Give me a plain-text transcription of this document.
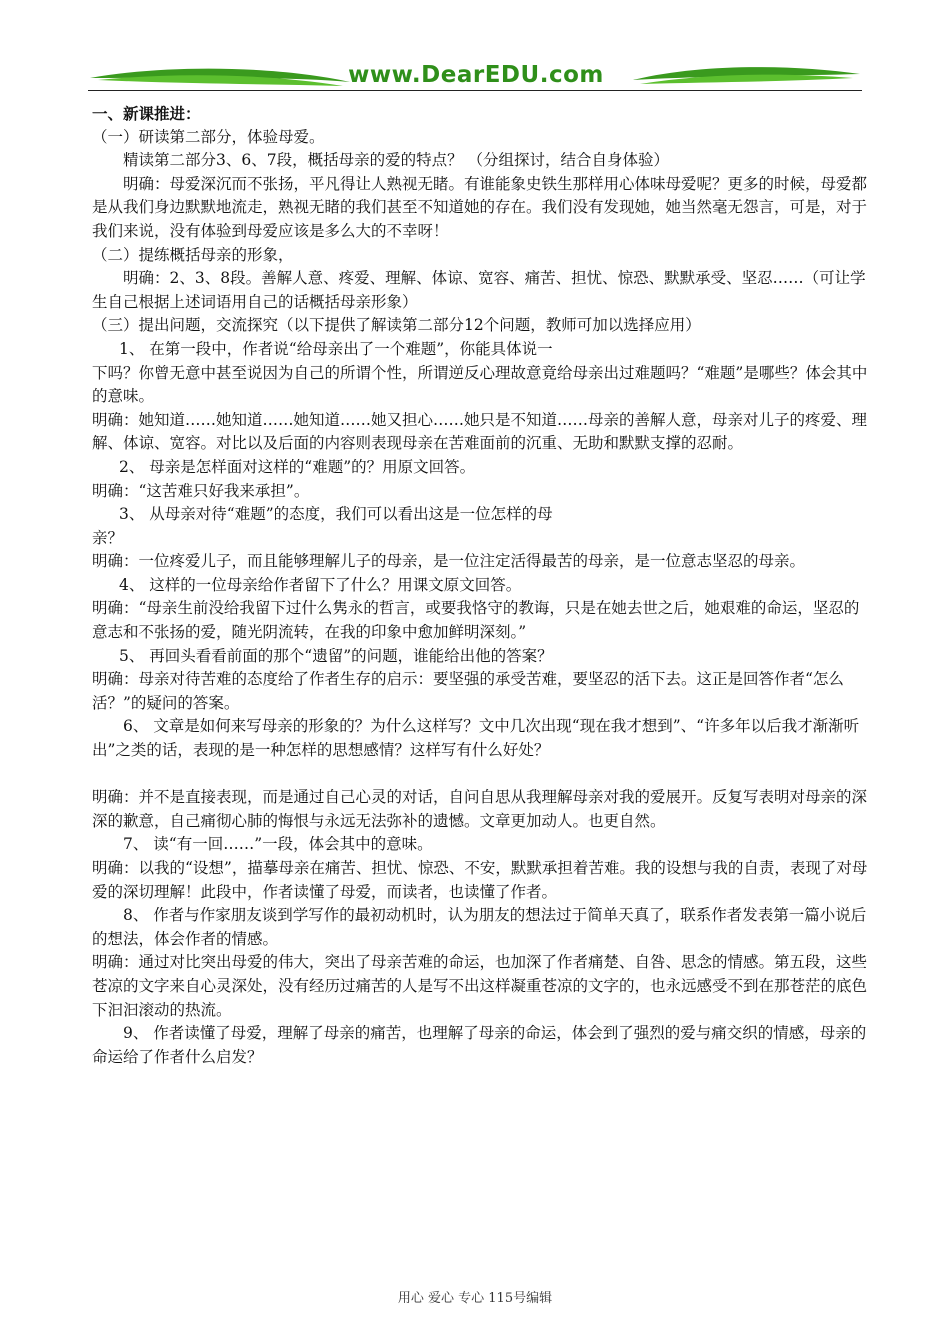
www.DearEDU.com

一、新课推进：

（一）研读第二部分，体验母爱。

精读第二部分3、6、7段，概括母亲的爱的特点？ （分组探讨，结合自身体验）

明确：母爱深沉而不张扬，平凡得让人熟视无睹。有谁能象史铁生那样用心体味母爱呢？更多的时候，母爱都是从我们身边默默地流走，熟视无睹的我们甚至不知道她的存在。我们没有发现她，她当然毫无怨言，可是，对于我们来说，没有体验到母爱应该是多么大的不幸呀！

（二）提练概括母亲的形象，

明确：2、3、8段。善解人意、疼爱、理解、体谅、宽容、痛苦、担忧、惊恐、默默承受、坚忍……（可让学生自己根据上述词语用自己的话概括母亲形象）

（三）提出问题，交流探究（以下提供了解读第二部分12个问题，教师可加以选择应用）

1、 在第一段中，作者说“给母亲出了一个难题”，你能具体说一

下吗？你曾无意中甚至说因为自己的所谓个性，所谓逆反心理故意竟给母亲出过难题吗？“难题”是哪些？体会其中的意味。

明确：她知道……她知道……她知道……她又担心……她只是不知道……母亲的善解人意，母亲对儿子的疼爱、理解、体谅、宽容。对比以及后面的内容则表现母亲在苦难面前的沉重、无助和默默支撑的忍耐。

2、 母亲是怎样面对这样的“难题”的？用原文回答。

明确：“这苦难只好我来承担”。

3、 从母亲对待“难题”的态度，我们可以看出这是一位怎样的母

亲？

明确：一位疼爱儿子，而且能够理解儿子的母亲，是一位注定活得最苦的母亲，是一位意志坚忍的母亲。

4、 这样的一位母亲给作者留下了什么？用课文原文回答。

明确：“母亲生前没给我留下过什么隽永的哲言，或要我恪守的教诲，只是在她去世之后，她艰难的命运，坚忍的意志和不张扬的爱，随光阴流转，在我的印象中愈加鲜明深刻。”

5、 再回头看看前面的那个“遗留”的问题，谁能给出他的答案？

明确：母亲对待苦难的态度给了作者生存的启示：要坚强的承受苦难，要坚忍的活下去。这正是回答作者“怎么活？”的疑问的答案。

6、 文章是如何来写母亲的形象的？为什么这样写？文中几次出现“现在我才想到”、“许多年以后我才渐渐听出”之类的话，表现的是一种怎样的思想感情？这样写有什么好处？

明确：并不是直接表现，而是通过自己心灵的对话，自问自思从我理解母亲对我的爱展开。反复写表明对母亲的深深的歉意，自己痛彻心肺的悔恨与永远无法弥补的遗憾。文章更加动人。也更自然。

7、 读“有一回……”一段，体会其中的意味。

明确：以我的“设想”，描摹母亲在痛苦、担忧、惊恐、不安，默默承担着苦难。我的设想与我的自责，表现了对母爱的深切理解！此段中，作者读懂了母爱，而读者，也读懂了作者。

8、 作者与作家朋友谈到学写作的最初动机时，认为朋友的想法过于简单天真了，联系作者发表第一篇小说后的想法，体会作者的情感。

明确：通过对比突出母爱的伟大，突出了母亲苦难的命运，也加深了作者痛楚、自咎、思念的情感。第五段，这些苍凉的文字来自心灵深处，没有经历过痛苦的人是写不出这样凝重苍凉的文字的，也永远感受不到在那苍茫的底色下汩汩滚动的热流。

9、 作者读懂了母爱，理解了母亲的痛苦，也理解了母亲的命运，体会到了强烈的爱与痛交织的情感，母亲的命运给了作者什么启发？

用心 爱心 专心 115号编辑
